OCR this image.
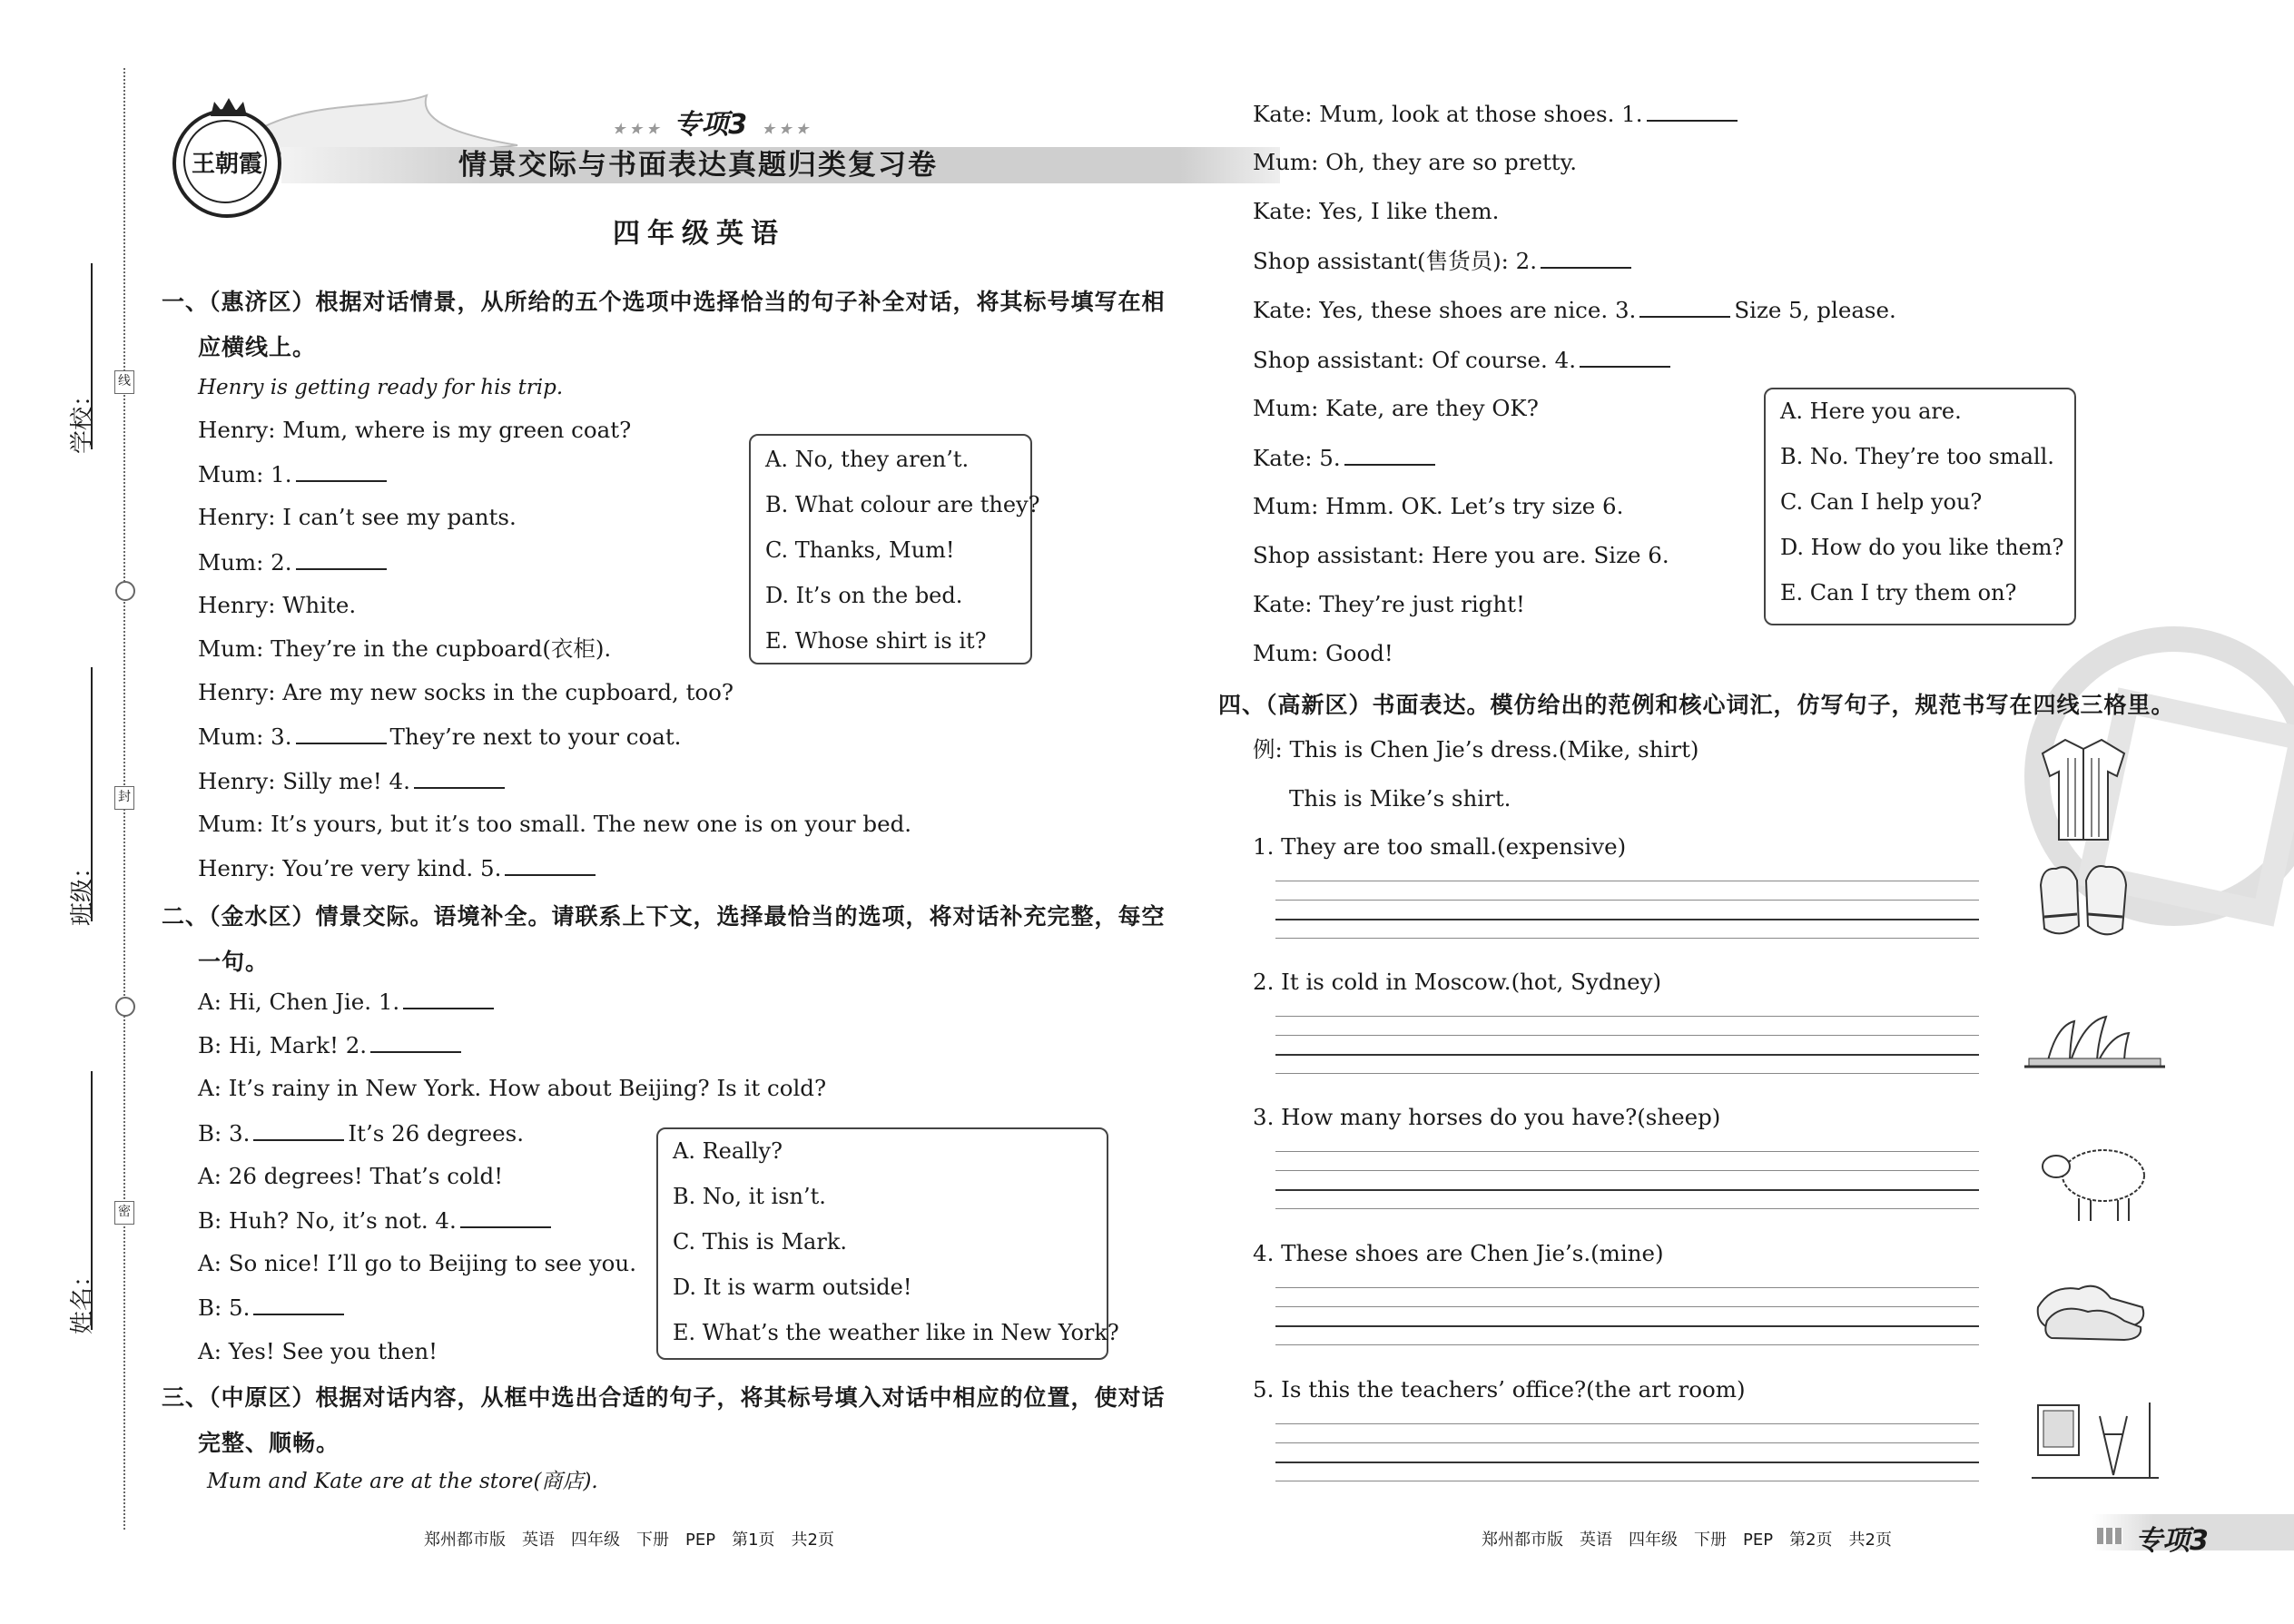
学校：
班级：
姓名：
线
封
密
王朝霞
★ ★ ★ 专项3 ★ ★ ★
情景交际与书面表达真题归类复习卷
四年级英语
一、（惠济区）根据对话情景，从所给的五个选项中选择恰当的句子补全对话，将其标号填写在相
应横线上。
Henry is getting ready for his trip.
Henry: Mum, where is my green coat?
Mum: 1.
Henry: I can’t see my pants.
Mum: 2.
Henry: White.
Mum: They’re in the cupboard(衣柜).
Henry: Are my new socks in the cupboard, too?
Mum: 3.	They’re next to your coat.
Henry: Silly me! 4.
Mum: It’s yours, but it’s too small. The new one is on your bed.
Henry: You’re very kind. 5.
A. No, they aren’t.
B. What colour are they?
C. Thanks, Mum!
D. It’s on the bed.
E. Whose shirt is it?
二、（金水区）情景交际。语境补全。请联系上下文，选择最恰当的选项，将对话补充完整，每空
一句。
A: Hi, Chen Jie. 1.
B: Hi, Mark! 2.
A: It’s rainy in New York. How about Beijing? Is it cold?
B: 3.	It’s 26 degrees.
A: 26 degrees! That’s cold!
B: Huh? No, it’s not. 4.
A: So nice! I’ll go to Beijing to see you.
B: 5.
A: Yes! See you then!
A. Really?
B. No, it isn’t.
C. This is Mark.
D. It is warm outside!
E. What’s the weather like in New York?
三、（中原区）根据对话内容，从框中选出合适的句子，将其标号填入对话中相应的位置，使对话
完整、顺畅。
Mum and Kate are at the store(商店).
Kate: Mum, look at those shoes. 1.
Mum: Oh, they are so pretty.
Kate: Yes, I like them.
Shop assistant(售货员): 2.
Kate: Yes, these shoes are nice. 3.	Size 5, please.
Shop assistant: Of course. 4.
Mum: Kate, are they OK?
Kate: 5.
Mum: Hmm. OK. Let’s try size 6.
Shop assistant: Here you are. Size 6.
Kate: They’re just right!
Mum: Good!
A. Here you are.
B. No. They’re too small.
C. Can I help you?
D. How do you like them?
E. Can I try them on?
四、（高新区）书面表达。模仿给出的范例和核心词汇，仿写句子，规范书写在四线三格里。
例: This is Chen Jie’s dress.(Mike, shirt)
This is Mike’s shirt.
1. They are too small.(expensive)
2. It is cold in Moscow.(hot, Sydney)
3. How many horses do you have?(sheep)
4. These shoes are Chen Jie’s.(mine)
5. Is this the teachers’ office?(the art room)
郑州都市版　英语　四年级　下册　PEP　第1页　共2页	郑州都市版　英语　四年级　下册　PEP　第2页　共2页	专项3
